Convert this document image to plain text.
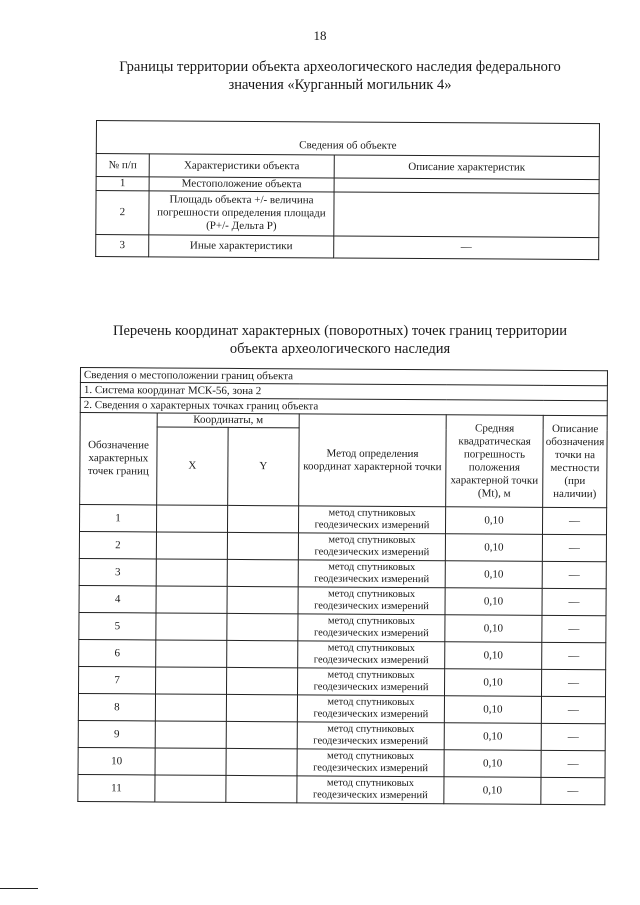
18
Границы территории объекта археологического наследия федерального
значения «Курганный могильник 4»
Сведения об объекте		
№ п/п	Характеристики объекта	Описание характеристик
1	Местоположение объекта	
2	Площадь объекта +/- величина погрешности определения площади (P+/- Дельта P)	
3	Иные характеристики	—
Перечень координат характерных (поворотных) точек границ территории
объекта археологического наследия
Сведения о местоположении границ объекта					
1. Система координат МСК-56, зона 2					
2. Сведения о характерных точках границ объекта					
Обозначение характерных точек границ	Координаты, м		Метод определения координат характерной точки	Средняя квадратическая погрешность положения характерной точки (Mt), м	Описание обозначения точки на местности (при наличии)
	X	Y			
1			метод спутниковых геодезических измерений	0,10	—
2			метод спутниковых геодезических измерений	0,10	—
3			метод спутниковых геодезических измерений	0,10	—
4			метод спутниковых геодезических измерений	0,10	—
5			метод спутниковых геодезических измерений	0,10	—
6			метод спутниковых геодезических измерений	0,10	—
7			метод спутниковых геодезических измерений	0,10	—
8			метод спутниковых геодезических измерений	0,10	—
9			метод спутниковых геодезических измерений	0,10	—
10			метод спутниковых геодезических измерений	0,10	—
11			метод спутниковых геодезических измерений	0,10	—
